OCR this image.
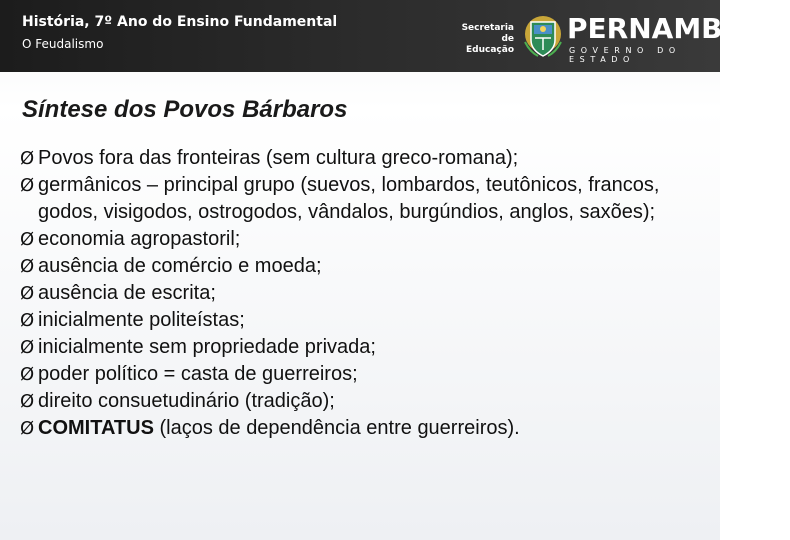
História, 7º Ano do Ensino Fundamental
O Feudalismo
Secretaria de
Educação
PERNAMBUCO
GOVERNO DO ESTADO
Síntese dos Povos Bárbaros
Ø Povos fora das fronteiras (sem cultura greco-romana);
Ø germânicos – principal grupo (suevos, lombardos, teutônicos, francos, godos, visigodos, ostrogodos, vândalos, burgúndios, anglos, saxões);
Ø economia agropastoril;
Ø ausência de comércio e moeda;
Ø ausência de escrita;
Ø inicialmente politeístas;
Ø inicialmente sem propriedade privada;
Ø poder político = casta de guerreiros;
Ø direito consuetudinário (tradição);
Ø COMITATUS (laços de dependência entre guerreiros).
